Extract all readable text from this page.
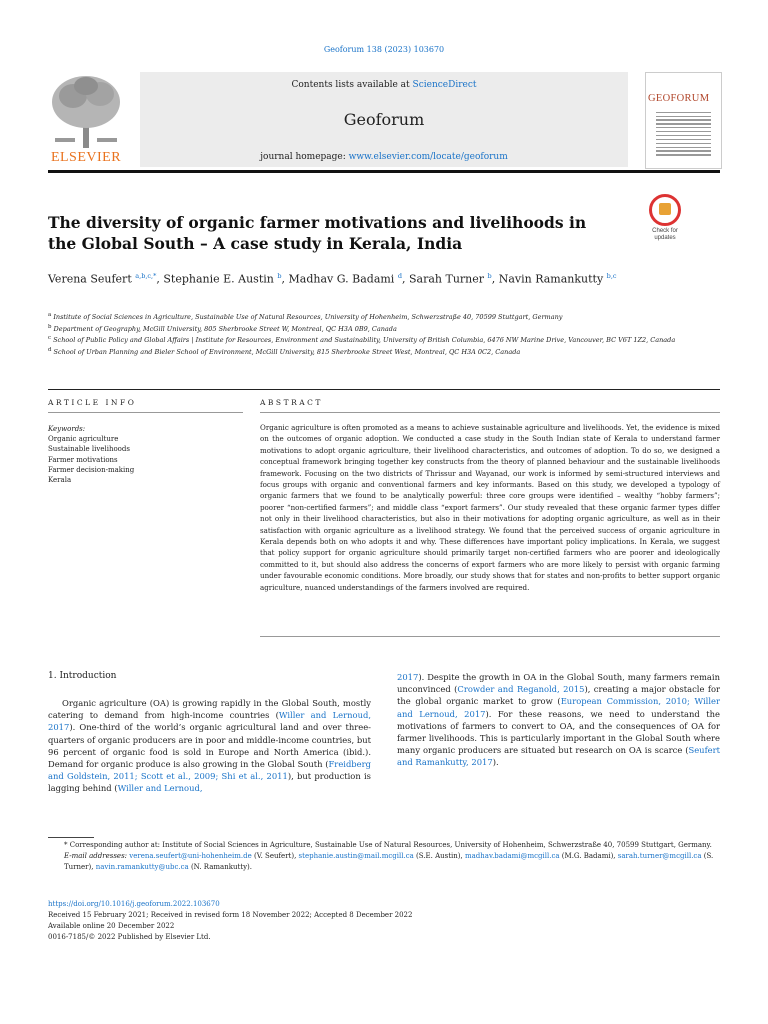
Geoforum 138 (2023) 103670
ELSEVIER
Contents lists available at ScienceDirect
Geoforum
journal homepage: www.elsevier.com/locate/geoforum
GEOFORUM
The diversity of organic farmer motivations and livelihoods in the Global South – A case study in Kerala, India
Check for updates
Verena Seufert $^{a,b,c,*}$, Stephanie E. Austin $^b$, Madhav G. Badami $^d$, Sarah Turner $^b$, Navin Ramankutty $^{b,c}$
$^a$ Institute of Social Sciences in Agriculture, Sustainable Use of Natural Resources, University of Hohenheim, Schwerzstraße 40, 70599 Stuttgart, Germany
$^b$ Department of Geography, McGill University, 805 Sherbrooke Street W, Montreal, QC H3A 0B9, Canada
$^c$ School of Public Policy and Global Affairs | Institute for Resources, Environment and Sustainability, University of British Columbia, 6476 NW Marine Drive, Vancouver, BC V6T 1Z2, Canada
$^d$ School of Urban Planning and Bieler School of Environment, McGill University, 815 Sherbrooke Street West, Montreal, QC H3A 0C2, Canada
ARTICLE INFO
Keywords:
Organic agriculture
Sustainable livelihoods
Farmer motivations
Farmer decision-making
Kerala
ABSTRACT
Organic agriculture is often promoted as a means to achieve sustainable agriculture and livelihoods. Yet, the evidence is mixed on the outcomes of organic adoption. We conducted a case study in the South Indian state of Kerala to understand farmer motivations to adopt organic agriculture, their livelihood characteristics, and outcomes of adoption. To do so, we designed a conceptual framework bringing together key constructs from the theory of planned behaviour and the sustainable livelihoods framework. Focusing on the two districts of Thrissur and Wayanad, our work is informed by semi-structured interviews and focus groups with organic and conventional farmers and key informants. Based on this study, we developed a typology of organic farmers that we found to be analytically powerful: three core groups were identified – wealthy “hobby farmers”; poorer “non-certified farmers”; and middle class “export farmers”. Our study revealed that these organic farmer types differ not only in their livelihood characteristics, but also in their motivations for adopting organic agriculture, as well as in their satisfaction with organic agriculture as a livelihood strategy. We found that the perceived success of organic agriculture in Kerala depends both on who adopts it and why. These differences have important policy implications. In Kerala, we suggest that policy support for organic agriculture should primarily target non-certified farmers who are poorer and ideologically committed to it, but should also address the concerns of export farmers who are more likely to persist with organic farming under favourable economic conditions. More broadly, our study shows that for states and non-profits to better support organic agriculture, nuanced understandings of the farmers involved are required.
1. Introduction
Organic agriculture (OA) is growing rapidly in the Global South, mostly catering to demand from high-income countries (Willer and Lernoud, 2017). One-third of the world’s organic agricultural land and over three-quarters of organic producers are in poor and middle-income countries, but 96 percent of organic food is sold in Europe and North America (ibid.). Demand for organic produce is also growing in the Global South (Freidberg and Goldstein, 2011; Scott et al., 2009; Shi et al., 2011), but production is lagging behind (Willer and Lernoud,
2017). Despite the growth in OA in the Global South, many farmers remain unconvinced (Crowder and Reganold, 2015), creating a major obstacle for the global organic market to grow (European Commission, 2010; Willer and Lernoud, 2017). For these reasons, we need to understand the motivations of farmers to convert to OA, and the consequences of OA for farmer livelihoods. This is particularly important in the Global South where many organic producers are situated but research on OA is scarce (Seufert and Ramankutty, 2017).
* Corresponding author at: Institute of Social Sciences in Agriculture, Sustainable Use of Natural Resources, University of Hohenheim, Schwerzstraße 40, 70599 Stuttgart, Germany.
E-mail addresses: verena.seufert@uni-hohenheim.de (V. Seufert), stephanie.austin@mail.mcgill.ca (S.E. Austin), madhav.badami@mcgill.ca (M.G. Badami), sarah.turner@mcgill.ca (S. Turner), navin.ramankutty@ubc.ca (N. Ramankutty).
https://doi.org/10.1016/j.geoforum.2022.103670
Received 15 February 2021; Received in revised form 18 November 2022; Accepted 8 December 2022
Available online 20 December 2022
0016-7185/© 2022 Published by Elsevier Ltd.
